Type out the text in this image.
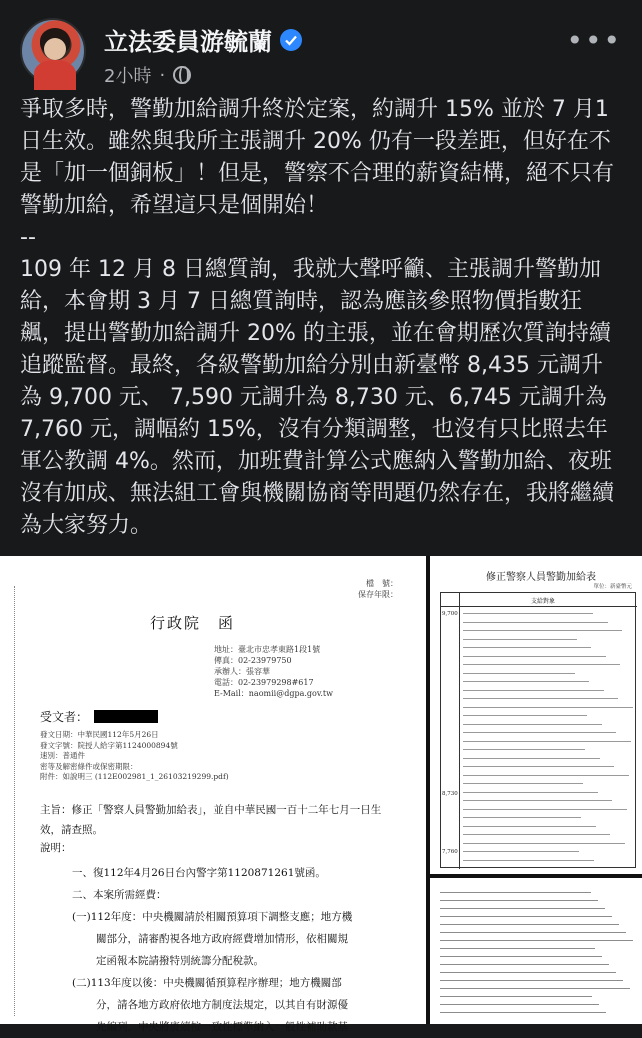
立法委員游毓蘭
2小時 ·
•••
爭取多時，警勤加給調升終於定案，約調升 15% 並於 7 月1日生效。雖然與我所主張調升 20% 仍有一段差距，但好在不是「加一個銅板」！但是，警察不合理的薪資結構，絕不只有警勤加給，希望這只是個開始！
--
109 年 12 月 8 日總質詢，我就大聲呼籲、主張調升警勤加給，本會期 3 月 7 日總質詢時，認為應該參照物價指數狂飆，提出警勤加給調升 20% 的主張，並在會期歷次質詢持續追蹤監督。最終，各級警勤加給分別由新臺幣 8,435 元調升為 9,700 元、 7,590 元調升為 8,730 元、6,745 元調升為 7,760 元，調幅約 15%，沒有分類調整，也沒有只比照去年軍公教調 4%。然而，加班費計算公式應納入警勤加給、夜班沒有加成、無法組工會與機關協商等問題仍然存在，我將繼續為大家努力。
檔　號：
保存年限：
行政院　函
地址：臺北市忠孝東路1段1號
傳真：02-23979750
承辦人：張容華
電話：02-23979298#617
E-Mail：naomii@dgpa.gov.tw
受文者：
發文日期：中華民國112年5月26日
發文字號：院授人給字第1124000894號
速別：普通件
密等及解密條件或保密期限：
附件：如說明三 (112E002981_1_26103219299.pdf)
主旨：修正「警察人員警勤加給表」，並自中華民國一百十二年七月一日生效，請查照。
說明：
一、復112年4月26日台內警字第1120871261號函。
二、本案所需經費：
(一)112年度：中央機關請於相關預算項下調整支應；地方機
關部分，請審酌視各地方政府經費增加情形，依相關規
定函報本院請撥特別統籌分配稅款。
(二)113年度以後：中央機關循預算程序辦理；地方機關部
分，請各地方政府依地方制度法規定，以其自有財源優
先編列，中央將賡續按一致性標準納入一般性補助款基
修正警察人員警勤加給表
單位：新臺幣元
支給對象
9,700
8,730
7,760
